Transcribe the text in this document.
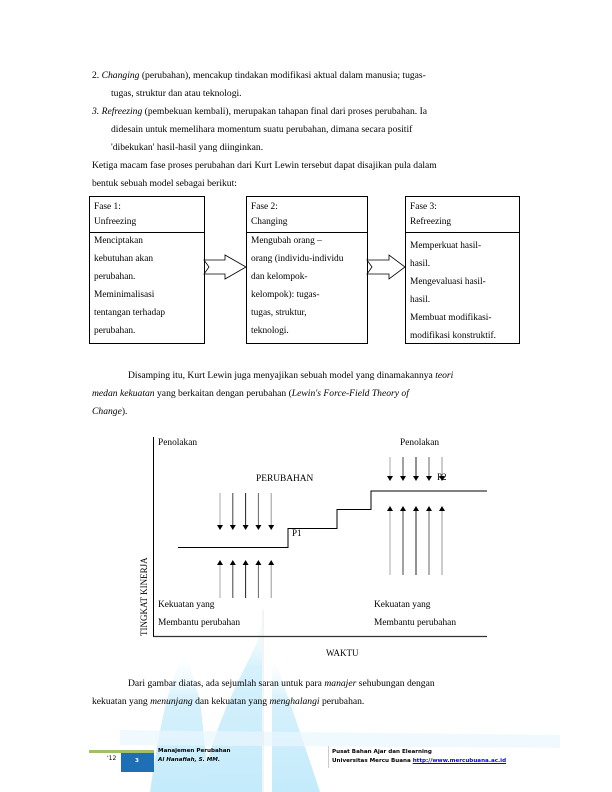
2. Changing (perubahan), mencakup tindakan modifikasi aktual dalam manusia; tugas-
tugas, struktur dan atau teknologi.
3. Refreezing (pembekuan kembali), merupakan tahapan final dari proses perubahan. Ia
didesain untuk memelihara momentum suatu perubahan, dimana secara positif
'dibekukan' hasil-hasil yang diinginkan.
Ketiga macam fase proses perubahan dari Kurt Lewin tersebut dapat disajikan pula dalam
bentuk sebuah model sebagai berikut:
Fase 1:
Unfreezing
Menciptakan
kebutuhan akan
perubahan.
Meminimalisasi
tentangan terhadap
perubahan.
Fase 2:
Changing
Mengubah orang –
orang (individu-individu
dan kelompok-
kelompok): tugas-
tugas, struktur,
teknologi.
Fase 3:
Refreezing
Memperkuat hasil-
hasil.
Mengevaluasi hasil-
hasil.
Membuat modifikasi-
modifikasi konstruktif.
Disamping itu, Kurt Lewin juga menyajikan sebuah model yang dinamakannya teori
medan kekuatan yang berkaitan dengan perubahan (Lewin's Force-Field Theory of
Change).
Penolakan	Penolakan
PERUBAHAN	P2
P1
Kekuatan yang
Membantu perubahan
Kekuatan yang
Membantu perubahan
WAKTU
TINGKAT KINERJA
Dari gambar diatas, ada sejumlah saran untuk para manajer sehubungan dengan
kekuatan yang menunjang dan kekuatan yang menghalangi perubahan.
'12	3
Manajemen Perubahan
Al Hanafiah, S. MM.
Pusat Bahan Ajar dan Elearning
Universitas Mercu Buana http://www.mercubuana.ac.id
